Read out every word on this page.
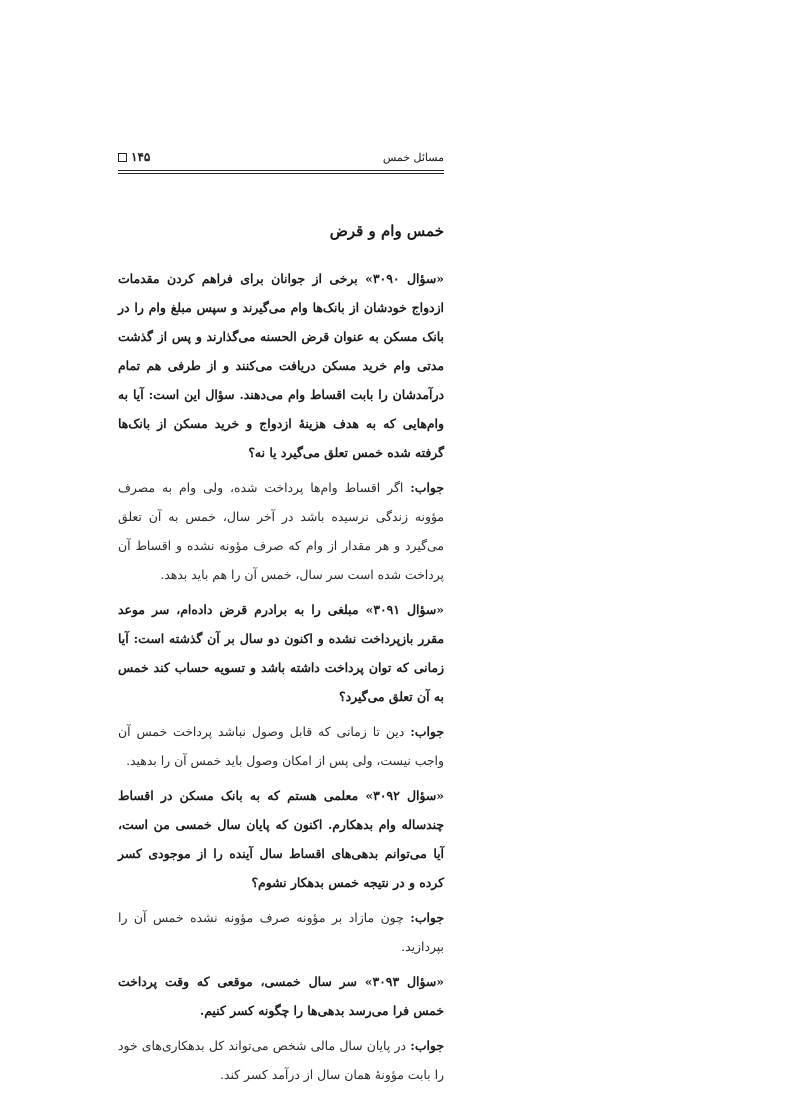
مسائل خمس
۱۴۵
خمس وام و قرض

«سؤال ۳۰۹۰» برخی از جوانان برای فراهم کردن مقدمات ازدواج خودشان از بانک‌ها وام می‌گیرند و سپس مبلغ وام را در بانک مسکن به عنوان قرض الحسنه می‌گذارند و پس از گذشت مدتی وام خرید مسکن دریافت می‌کنند و از طرفی هم تمام درآمدشان را بابت اقساط وام می‌دهند. سؤال این است: آیا به وام‌هایی که به هدف هزینهٔ ازدواج و خرید مسکن از بانک‌ها گرفته شده خمس تعلق می‌گیرد یا نه؟

جواب: اگر اقساط وام‌ها پرداخت شده، ولی وام به مصرف مؤونه زندگی نرسیده باشد در آخر سال، خمس به آن تعلق می‌گیرد و هر مقدار از وام که صرف مؤونه نشده و اقساط آن پرداخت شده است سر سال، خمس آن را هم باید بدهد.

«سؤال ۳۰۹۱» مبلغی را به برادرم قرض داده‌ام، سر موعد مقرر بازپرداخت نشده و اکنون دو سال بر آن گذشته است: آیا زمانی که توان پرداخت داشته باشد و تسویه حساب کند خمس به آن تعلق می‌گیرد؟

جواب: دین تا زمانی که قابل وصول نباشد پرداخت خمس آن واجب نیست، ولی پس از امکان وصول باید خمس آن را بدهید.

«سؤال ۳۰۹۲» معلمی هستم که به بانک مسکن در اقساط چندساله وام بدهکارم. اکنون که پایان سال خمسی من است، آیا می‌توانم بدهی‌های اقساط سال آینده را از موجودی کسر کرده و در نتیجه خمس بدهکار نشوم؟

جواب: چون مازاد بر مؤونه صرف مؤونه نشده خمس آن را بپردازید.

«سؤال ۳۰۹۳» سر سال خمسی، موقعی که وقت پرداخت خمس فرا می‌رسد بدهی‌ها را چگونه کسر کنیم.

جواب: در پایان سال مالی شخص می‌تواند کل بدهکاری‌های خود را بابت مؤونهٔ همان سال از درآمد کسر کند.
